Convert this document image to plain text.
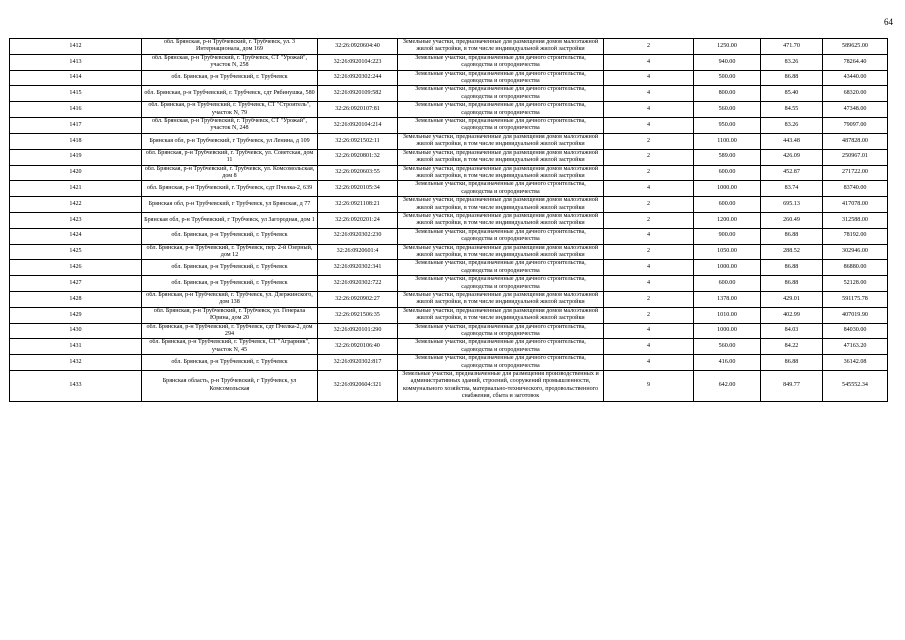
64
1412	обл. Брянская, р-н Трубчевский, г. Трубчевск, ул. 3 Интернационала, дом 169	32:26:0920604:40	Земельные участки, предназначенные для размещения домов малоэтажной жилой застройки, в том числе индивидуальной жилой застройки	2	1250.00	471.70	589625.00
1413	обл. Брянская, р-н Трубчевский, г. Трубчевск, СТ "Урожай", участок N, 258	32:26:0920104:223	Земельные участки, предназначенные для дачного строительства, садоводства и огородничества	4	940.00	83.26	78264.40
1414	обл. Брянская, р-н Трубчевский, г. Трубчевск	32:26:0920302:244	Земельные участки, предназначенные для дачного строительства, садоводства и огородничества	4	500.00	86.88	43440.00
1415	обл. Брянская, р-н Трубчевский, г. Трубчевск, сдт Рябинушка, 580	32:26:0920109:582	Земельные участки, предназначенные для дачного строительства, садоводства и огородничества	4	800.00	85.40	68320.00
1416	обл. Брянская, р-н Трубчевский, г. Трубчевск, СТ "Строитель", участок N, 79	32:26:0920107:81	Земельные участки, предназначенные для дачного строительства, садоводства и огородничества	4	560.00	84.55	47348.00
1417	обл. Брянская, р-н Трубчевский, г. Трубчевск, СТ "Урожай", участок N, 248	32:26:0920104:214	Земельные участки, предназначенные для дачного строительства, садоводства и огородничества	4	950.00	83.26	79097.00
1418	Брянская обл, р-н Трубчевский, г Трубчевск, ул Ленина, д 109	32:26:0921502:11	Земельные участки, предназначенные для размещения домов малоэтажной жилой застройки, в том числе индивидуальной жилой застройки	2	1100.00	443.48	487828.00
1419	обл. Брянская, р-н Трубчевский, г. Трубчевск, ул. Советская, дом 11	32:26:0920801:32	Земельные участки, предназначенные для размещения домов малоэтажной жилой застройки, в том числе индивидуальной жилой застройки	2	589.00	426.09	250967.01
1420	обл. Брянская, р-н Трубчевский, г. Трубчевск, ул. Комсомольская, дом 8	32:26:0920603:55	Земельные участки, предназначенные для размещения домов малоэтажной жилой застройки, в том числе индивидуальной жилой застройки	2	600.00	452.87	271722.00
1421	обл. Брянская, р-н Трубчевский, г. Трубчевск, сдт Пчелка-2, 639	32:26:0920105:34	Земельные участки, предназначенные для дачного строительства, садоводства и огородничества	4	1000.00	83.74	83740.00
1422	Брянская обл, р-н Трубчевский, г Трубчевск, ул Брянская, д 77	32:26:0921108:21	Земельные участки, предназначенные для размещения домов малоэтажной жилой застройки, в том числе индивидуальной жилой застройки	2	600.00	695.13	417078.00
1423	Брянская обл, р-н Трубчевский, г Трубчевск, ул Загородная, дом 1	32:26:0920201:24	Земельные участки, предназначенные для размещения домов малоэтажной жилой застройки, в том числе индивидуальной жилой застройки	2	1200.00	260.49	312588.00
1424	обл. Брянская, р-н Трубчевский, г. Трубчевск	32:26:0920302:230	Земельные участки, предназначенные для дачного строительства, садоводства и огородничества	4	900.00	86.88	78192.00
1425	обл. Брянская, р-н Трубчевский, г. Трубчевск, пер. 2-й Озерный, дом 12	32:26:0920601:4	Земельные участки, предназначенные для размещения домов малоэтажной жилой застройки, в том числе индивидуальной жилой застройки	2	1050.00	288.52	302946.00
1426	обл. Брянская, р-н Трубчевский, г. Трубчевск	32:26:0920302:341	Земельные участки, предназначенные для дачного строительства, садоводства и огородничества	4	1000.00	86.88	86880.00
1427	обл. Брянская, р-н Трубчевский, г. Трубчевск	32:26:0920302:722	Земельные участки, предназначенные для дачного строительства, садоводства и огородничества	4	600.00	86.88	52128.00
1428	обл. Брянская, р-н Трубчевский, г. Трубчевск, ул. Дзержинского, дом 138	32:26:0920902:27	Земельные участки, предназначенные для размещения домов малоэтажной жилой застройки, в том числе индивидуальной жилой застройки	2	1378.00	429.01	591175.78
1429	обл. Брянская, р-н Трубчевский, г. Трубчевск, ул. Генерала Юрина, дом 20	32:26:0921506:35	Земельные участки, предназначенные для размещения домов малоэтажной жилой застройки, в том числе индивидуальной жилой застройки	2	1010.00	402.99	407019.90
1430	обл. Брянская, р-н Трубчевский, г. Трубчевск, сдт Пчелка-2, дом 294	32:26:0920101:290	Земельные участки, предназначенные для дачного строительства, садоводства и огородничества	4	1000.00	84.03	84030.00
1431	обл. Брянская, р-н Трубчевский, г. Трубчевск, СТ "Аграрник", участок N, 45	32:26:0920106:40	Земельные участки, предназначенные для дачного строительства, садоводства и огородничества	4	560.00	84.22	47163.20
1432	обл. Брянская, р-н Трубчевский, г. Трубчевск	32:26:0920302:817	Земельные участки, предназначенные для дачного строительства, садоводства и огородничества	4	416.00	86.88	36142.08
1433	Брянская область, р-н Трубчевский, г Трубчевск, ул Комсомольская	32:26:0920604:321	Земельные участки, предназначенные для размещения производственных и административных зданий, строений, сооружений промышленности, коммунального хозяйства, материально-технического, продовольственного снабжения, сбыта и заготовок	9	642.00	849.77	545552.34
